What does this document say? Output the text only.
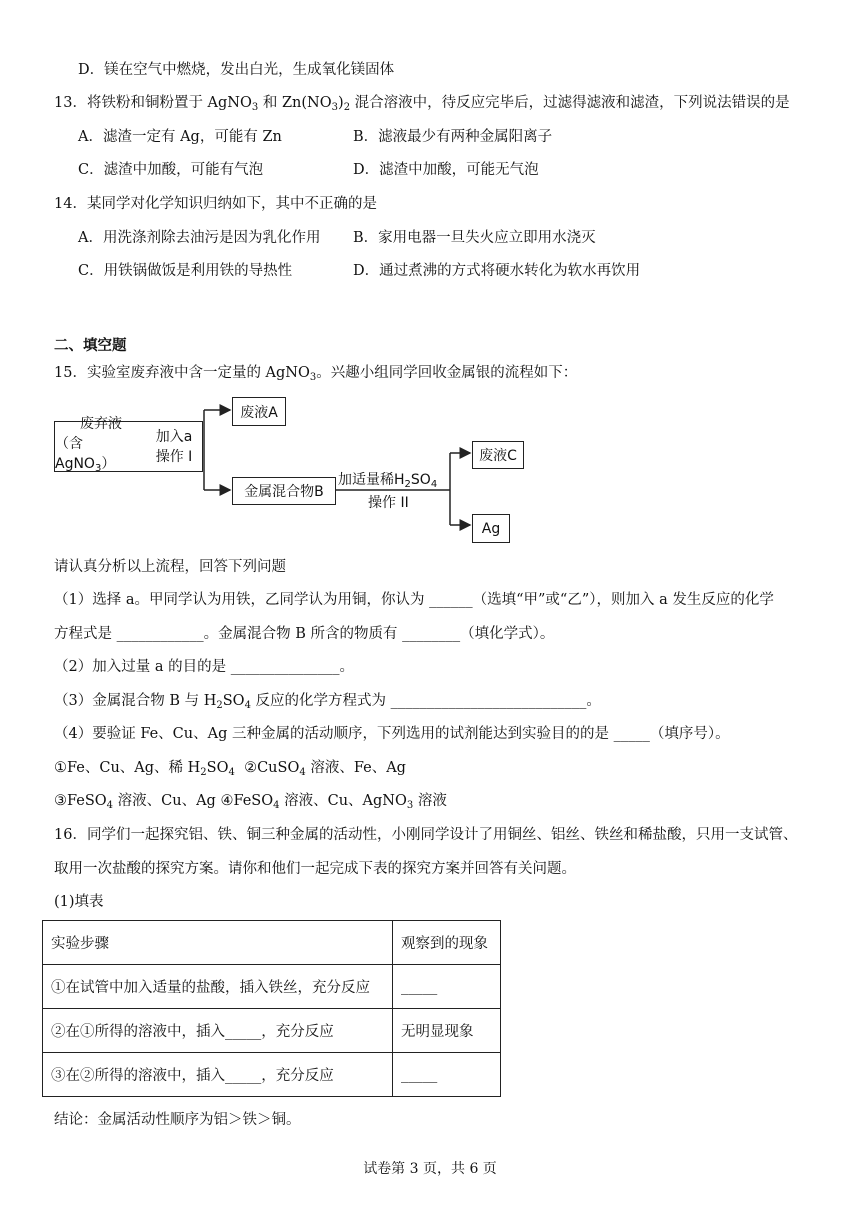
D．镁在空气中燃烧，发出白光，生成氧化镁固体
13．将铁粉和铜粉置于 AgNO$_3$ 和 $Zn(NO_3)_2$ 混合溶液中，待反应完毕后，过滤得滤液和滤渣，下列说法错误的是
A．滤渣一定有 Ag，可能有 Zn	B．滤液最少有两种金属阳离子
C．滤渣中加酸，可能有气泡	D．滤渣中加酸，可能无气泡
14．某同学对化学知识归纳如下，其中不正确的是
A．用洗涤剂除去油污是因为乳化作用 B．家用电器一旦失火应立即用水浇灭
C．用铁锅做饭是利用铁的导热性	D．通过煮沸的方式将硬水转化为软水再饮用
二、填空题
15．实验室废弃液中含一定量的 AgNO$_3$。兴趣小组同学回收金属银的流程如下：
废弃液
（含 AgNO$_3$）
加入a
操作 I
废液A
金属混合物B
加适量稀$H_2SO_4$
操作 II
废液C
Ag
请认真分析以上流程，回答下列问题
（1）选择 a。甲同学认为用铁，乙同学认为用铜，你认为 ______（选填“甲”或“乙”），则加入 a 发生反应的化学
方程式是 ____________。金属混合物 B 所含的物质有 ________（填化学式）。
（2）加入过量 a 的目的是 _______________。
（3）金属混合物 B 与 $H_2SO_4$ 反应的化学方程式为 ___________________________。
（4）要验证 Fe、Cu、Ag 三种金属的活动顺序，下列选用的试剂能达到实验目的的是 _____（填序号）。
①Fe、Cu、Ag、稀 $H_2SO_4$ ②CuSO$_4$ 溶液、Fe、Ag
③FeSO$_4$ 溶液、Cu、Ag ④FeSO$_4$ 溶液、Cu、AgNO$_3$ 溶液
16．同学们一起探究铝、铁、铜三种金属的活动性，小刚同学设计了用铜丝、铝丝、铁丝和稀盐酸，只用一支试管、
取用一次盐酸的探究方案。请你和他们一起完成下表的探究方案并回答有关问题。
(1)填表
实验步骤	观察到的现象
①在试管中加入适量的盐酸，插入铁丝，充分反应	_____
②在①所得的溶液中，插入_____，充分反应	无明显现象
③在②所得的溶液中，插入_____，充分反应	_____
结论：金属活动性顺序为铝＞铁＞铜。
试卷第 3 页，共 6 页
